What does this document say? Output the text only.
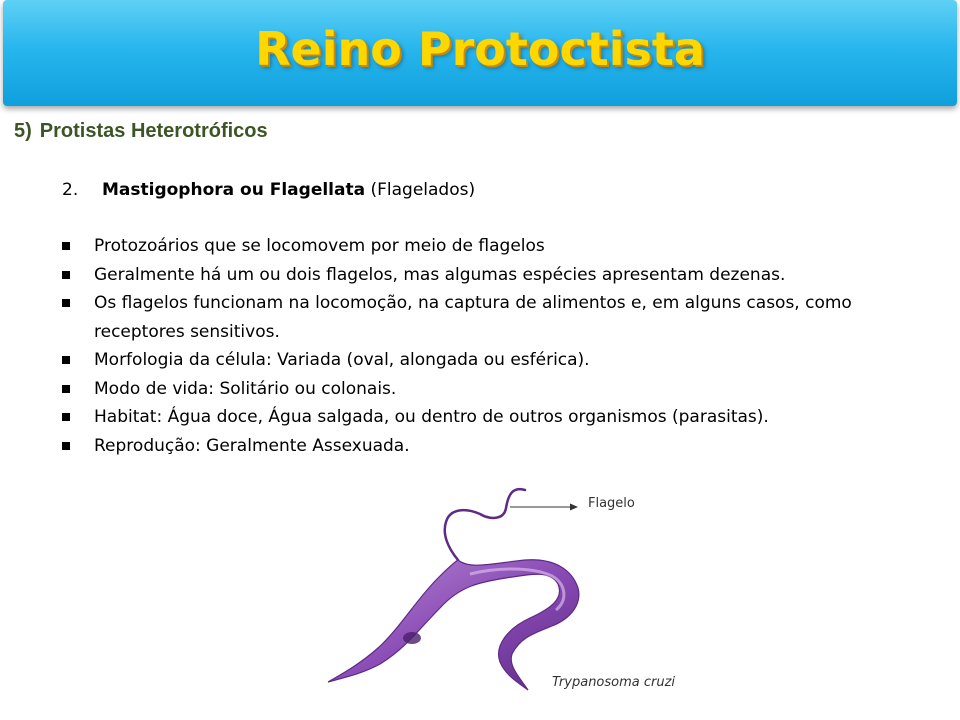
Reino Protoctista
5) Protistas Heterotróficos
2. Mastigophora ou Flagellata (Flagelados)
Protozoários que se locomovem por meio de flagelos
Geralmente há um ou dois flagelos, mas algumas espécies apresentam dezenas.
Os flagelos funcionam na locomoção, na captura de alimentos e, em alguns casos, como receptores sensitivos.
Morfologia da célula: Variada (oval, alongada ou esférica).
Modo de vida: Solitário ou colonais.
Habitat: Água doce, Água salgada, ou dentro de outros organismos (parasitas).
Reprodução: Geralmente Assexuada.
Flagelo
Trypanosoma cruzi
